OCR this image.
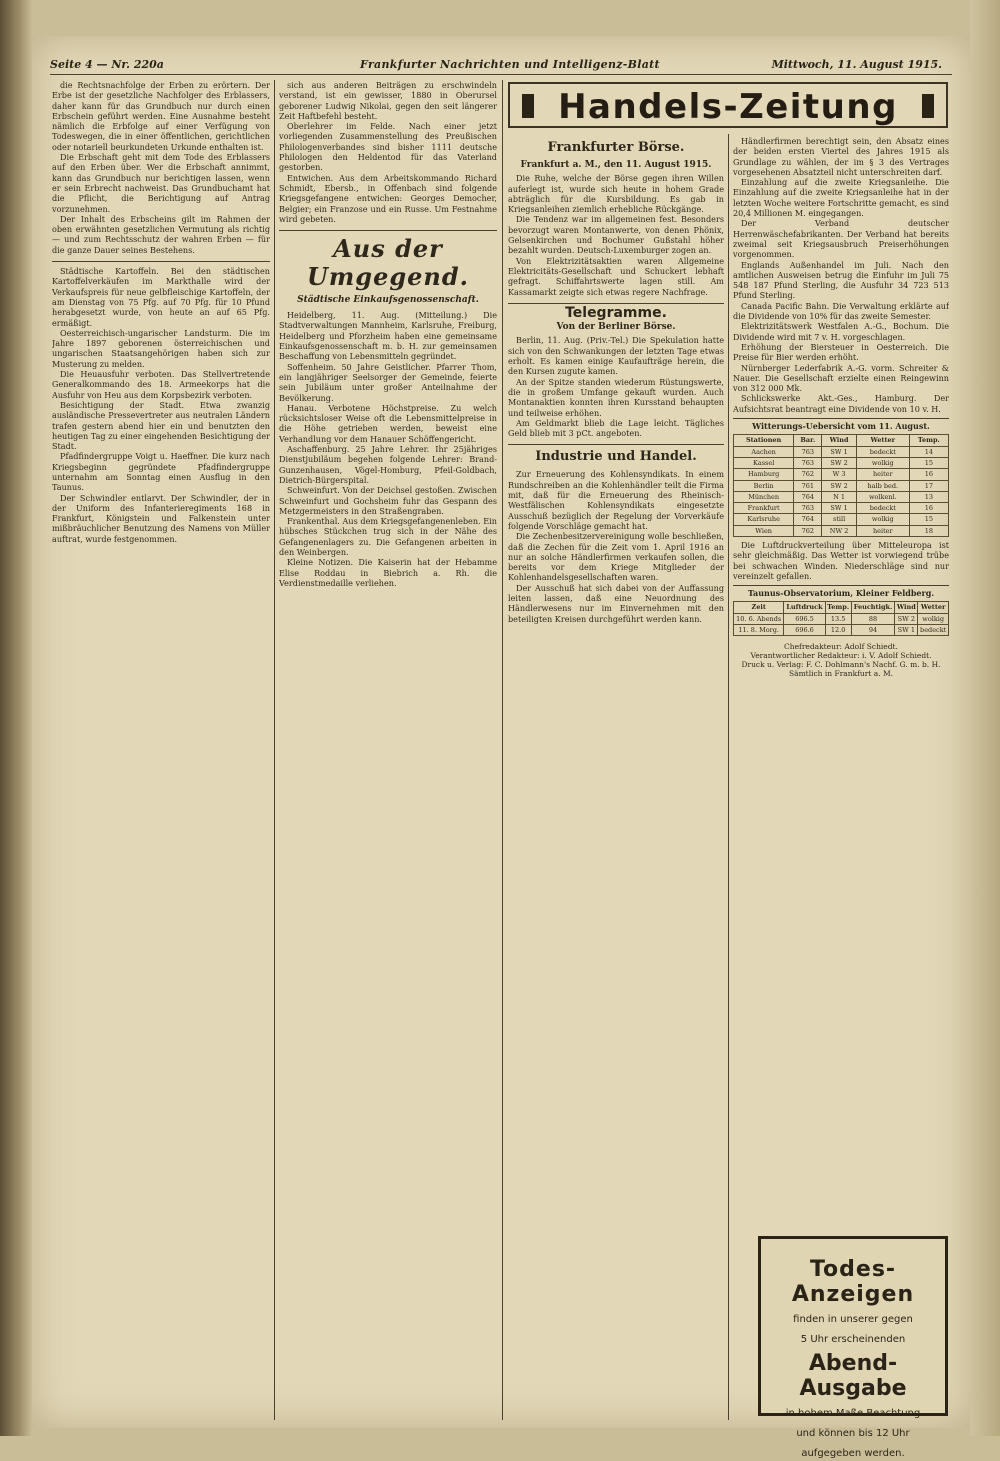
Seite 4 — Nr. 220a	Frankfurter Nachrichten und Intelligenz-Blatt	Mittwoch, 11. August 1915.

die Rechtsnachfolge der Erben zu erörtern. Der Erbe ist der gesetzliche Nachfolger des Erblassers, daher kann für das Grundbuch nur durch einen Erbschein geführt werden. Eine Ausnahme besteht nämlich die Erbfolge auf einer Verfügung von Todeswegen, die in einer öffentlichen, gerichtlichen oder notariell beurkundeten Urkunde enthalten ist.

Die Erbschaft geht mit dem Tode des Erblassers auf den Erben über. Wer die Erbschaft annimmt, kann das Grundbuch nur berichtigen lassen, wenn er sein Erbrecht nachweist. Das Grundbuchamt hat die Pflicht, die Berichtigung auf Antrag vorzunehmen.

Der Inhalt des Erbscheins gilt im Rahmen der oben erwähnten gesetzlichen Vermutung als richtig — und zum Rechtsschutz der wahren Erben — für die ganze Dauer seines Bestehens.

Städtische Kartoffeln. Bei den städtischen Kartoffelverkäufen im Markthalle wird der Verkaufspreis für neue gelbfleischige Kartoffeln, der am Dienstag von 75 Pfg. auf 70 Pfg. für 10 Pfund herabgesetzt wurde, von heute an auf 65 Pfg. ermäßigt.

Oesterreichisch-ungarischer Landsturm. Die im Jahre 1897 geborenen österreichischen und ungarischen Staatsangehörigen haben sich zur Musterung zu melden.

Die Heuausfuhr verboten. Das Stellvertretende Generalkommando des 18. Armeekorps hat die Ausfuhr von Heu aus dem Korpsbezirk verboten.

Besichtigung der Stadt. Etwa zwanzig ausländische Pressevertreter aus neutralen Ländern trafen gestern abend hier ein und benutzten den heutigen Tag zu einer eingehenden Besichtigung der Stadt.

Pfadfindergruppe Voigt u. Haeffner. Die kurz nach Kriegsbeginn gegründete Pfadfindergruppe unternahm am Sonntag einen Ausflug in den Taunus.

Der Schwindler entlarvt. Der Schwindler, der in der Uniform des Infanterieregiments 168 in Frankfurt, Königstein und Falkenstein unter mißbräuchlicher Benutzung des Namens von Müller auftrat, wurde festgenommen.

sich aus anderen Beiträgen zu erschwindeln verstand, ist ein gewisser, 1880 in Oberursel geborener Ludwig Nikolai, gegen den seit längerer Zeit Haftbefehl besteht.

Oberlehrer im Felde. Nach einer jetzt vorliegenden Zusammenstellung des Preußischen Philologenverbandes sind bisher 1111 deutsche Philologen den Heldentod für das Vaterland gestorben.

Entwichen. Aus dem Arbeitskommando Richard Schmidt, Ebersb., in Offenbach sind folgende Kriegsgefangene entwichen: Georges Democher, Belgier; ein Franzose und ein Russe. Um Festnahme wird gebeten.

Aus der Umgegend.
Städtische Einkaufsgenossenschaft.

Heidelberg, 11. Aug. (Mitteilung.) Die Stadtverwaltungen Mannheim, Karlsruhe, Freiburg, Heidelberg und Pforzheim haben eine gemeinsame Einkaufsgenossenschaft m. b. H. zur gemeinsamen Beschaffung von Lebensmitteln gegründet.

Soffenheim. 50 Jahre Geistlicher. Pfarrer Thom, ein langjähriger Seelsorger der Gemeinde, feierte sein Jubiläum unter großer Anteilnahme der Bevölkerung.

Hanau. Verbotene Höchstpreise. Zu welch rücksichtsloser Weise oft die Lebensmittelpreise in die Höhe getrieben werden, beweist eine Verhandlung vor dem Hanauer Schöffengericht.

Aschaffenburg. 25 Jahre Lehrer. Ihr 25jähriges Dienstjubiläum begehen folgende Lehrer: Brand-Gunzenhausen, Vögel-Homburg, Pfeil-Goldbach, Dietrich-Bürgerspital.

Schweinfurt. Von der Deichsel gestoßen. Zwischen Schweinfurt und Gochsheim fuhr das Gespann des Metzgermeisters in den Straßengraben.

Frankenthal. Aus dem Kriegsgefangenenleben. Ein hübsches Stückchen trug sich in der Nähe des Gefangenenlagers zu. Die Gefangenen arbeiten in den Weinbergen.

Kleine Notizen. Die Kaiserin hat der Hebamme Elise Roddau in Biebrich a. Rh. die Verdienstmedaille verliehen.

Handels-Zeitung
Frankfurter Börse.
Frankfurt a. M., den 11. August 1915.

Die Ruhe, welche der Börse gegen ihren Willen auferlegt ist, wurde sich heute in hohem Grade abträglich für die Kursbildung. Es gab in Kriegsanleihen ziemlich erhebliche Rückgänge.

Die Tendenz war im allgemeinen fest. Besonders bevorzugt waren Montanwerte, von denen Phönix, Gelsenkirchen und Bochumer Gußstahl höher bezahlt wurden. Deutsch-Luxemburger zogen an.

Von Elektrizitätsaktien waren Allgemeine Elektricitäts-Gesellschaft und Schuckert lebhaft gefragt. Schiffahrtswerte lagen still. Am Kassamarkt zeigte sich etwas regere Nachfrage.

Telegramme.
Von der Berliner Börse.

Berlin, 11. Aug. (Priv.-Tel.) Die Spekulation hatte sich von den Schwankungen der letzten Tage etwas erholt. Es kamen einige Kaufaufträge herein, die den Kursen zugute kamen.

An der Spitze standen wiederum Rüstungswerte, die in großem Umfange gekauft wurden. Auch Montanaktien konnten ihren Kursstand behaupten und teilweise erhöhen.

Am Geldmarkt blieb die Lage leicht. Tägliches Geld blieb mit 3 pCt. angeboten.

Industrie und Handel.

Zur Erneuerung des Kohlensyndikats. In einem Rundschreiben an die Kohlenhändler teilt die Firma mit, daß für die Erneuerung des Rheinisch-Westfälischen Kohlensyndikats eingesetzte Ausschuß bezüglich der Regelung der Vorverkäufe folgende Vorschläge gemacht hat.

Die Zechenbesitzervereinigung wolle beschließen, daß die Zechen für die Zeit vom 1. April 1916 an nur an solche Händlerfirmen verkaufen sollen, die bereits vor dem Kriege Mitglieder der Kohlenhandelsgesellschaften waren.

Der Ausschuß hat sich dabei von der Auffassung leiten lassen, daß eine Neuordnung des Händlerwesens nur im Einvernehmen mit den beteiligten Kreisen durchgeführt werden kann.

Händlerfirmen berechtigt sein, den Absatz eines der beiden ersten Viertel des Jahres 1915 als Grundlage zu wählen, der im § 3 des Vertrages vorgesehenen Absatzteil nicht unterschreiten darf.

Einzahlung auf die zweite Kriegsanleihe. Die Einzahlung auf die zweite Kriegsanleihe hat in der letzten Woche weitere Fortschritte gemacht, es sind 20,4 Millionen M. eingegangen.

Der Verband deutscher Herrenwäschefabrikanten. Der Verband hat bereits zweimal seit Kriegsausbruch Preiserhöhungen vorgenommen.

Englands Außenhandel im Juli. Nach den amtlichen Ausweisen betrug die Einfuhr im Juli 75 548 187 Pfund Sterling, die Ausfuhr 34 723 513 Pfund Sterling.

Canada Pacific Bahn. Die Verwaltung erklärte auf die Dividende von 10% für das zweite Semester.

Elektrizitätswerk Westfalen A.-G., Bochum. Die Dividende wird mit 7 v. H. vorgeschlagen.

Erhöhung der Biersteuer in Oesterreich. Die Preise für Bier werden erhöht.

Nürnberger Lederfabrik A.-G. vorm. Schreiter & Nauer. Die Gesellschaft erzielte einen Reingewinn von 312 000 Mk.

Schlickswerke Akt.-Ges., Hamburg. Der Aufsichtsrat beantragt eine Dividende von 10 v. H.

Witterungs-Uebersicht vom 11. August.
Stationen	Bar.	Wind	Wetter	Temp.
Aachen	763	SW 1	bedeckt	14
Kassel	763	SW 2	wolkig	15
Hamburg	762	W 3	heiter	16
Berlin	761	SW 2	halb bed.	17
München	764	N 1	wolkenl.	13
Frankfurt	763	SW 1	bedeckt	16
Karlsruhe	764	still	wolkig	15
Wien	762	NW 2	heiter	18

Die Luftdruckverteilung über Mitteleuropa ist sehr gleichmäßig. Das Wetter ist vorwiegend trübe bei schwachen Winden. Niederschläge sind nur vereinzelt gefallen.

Taunus-Observatorium, Kleiner Feldberg.
Zeit	Luftdruck	Temp.	Feuchtigk.	Wind	Wetter
10. 6. Abends	696.5	13.5	88	SW 2	wolkig
11. 8. Morg.	696.6	12.0	94	SW 1	bedeckt
Chefredakteur: Adolf Schiedt.
Verantwortlicher Redakteur: i. V. Adolf Schiedt.
Druck u. Verlag: F. C. Dohlmann's Nachf. G. m. b. H.
Sämtlich in Frankfurt a. M.
Todes-Anzeigen
finden in unserer gegen
5 Uhr erscheinenden
Abend-Ausgabe
in hohem Maße Beachtung
und können bis 12 Uhr
aufgegeben werden.
